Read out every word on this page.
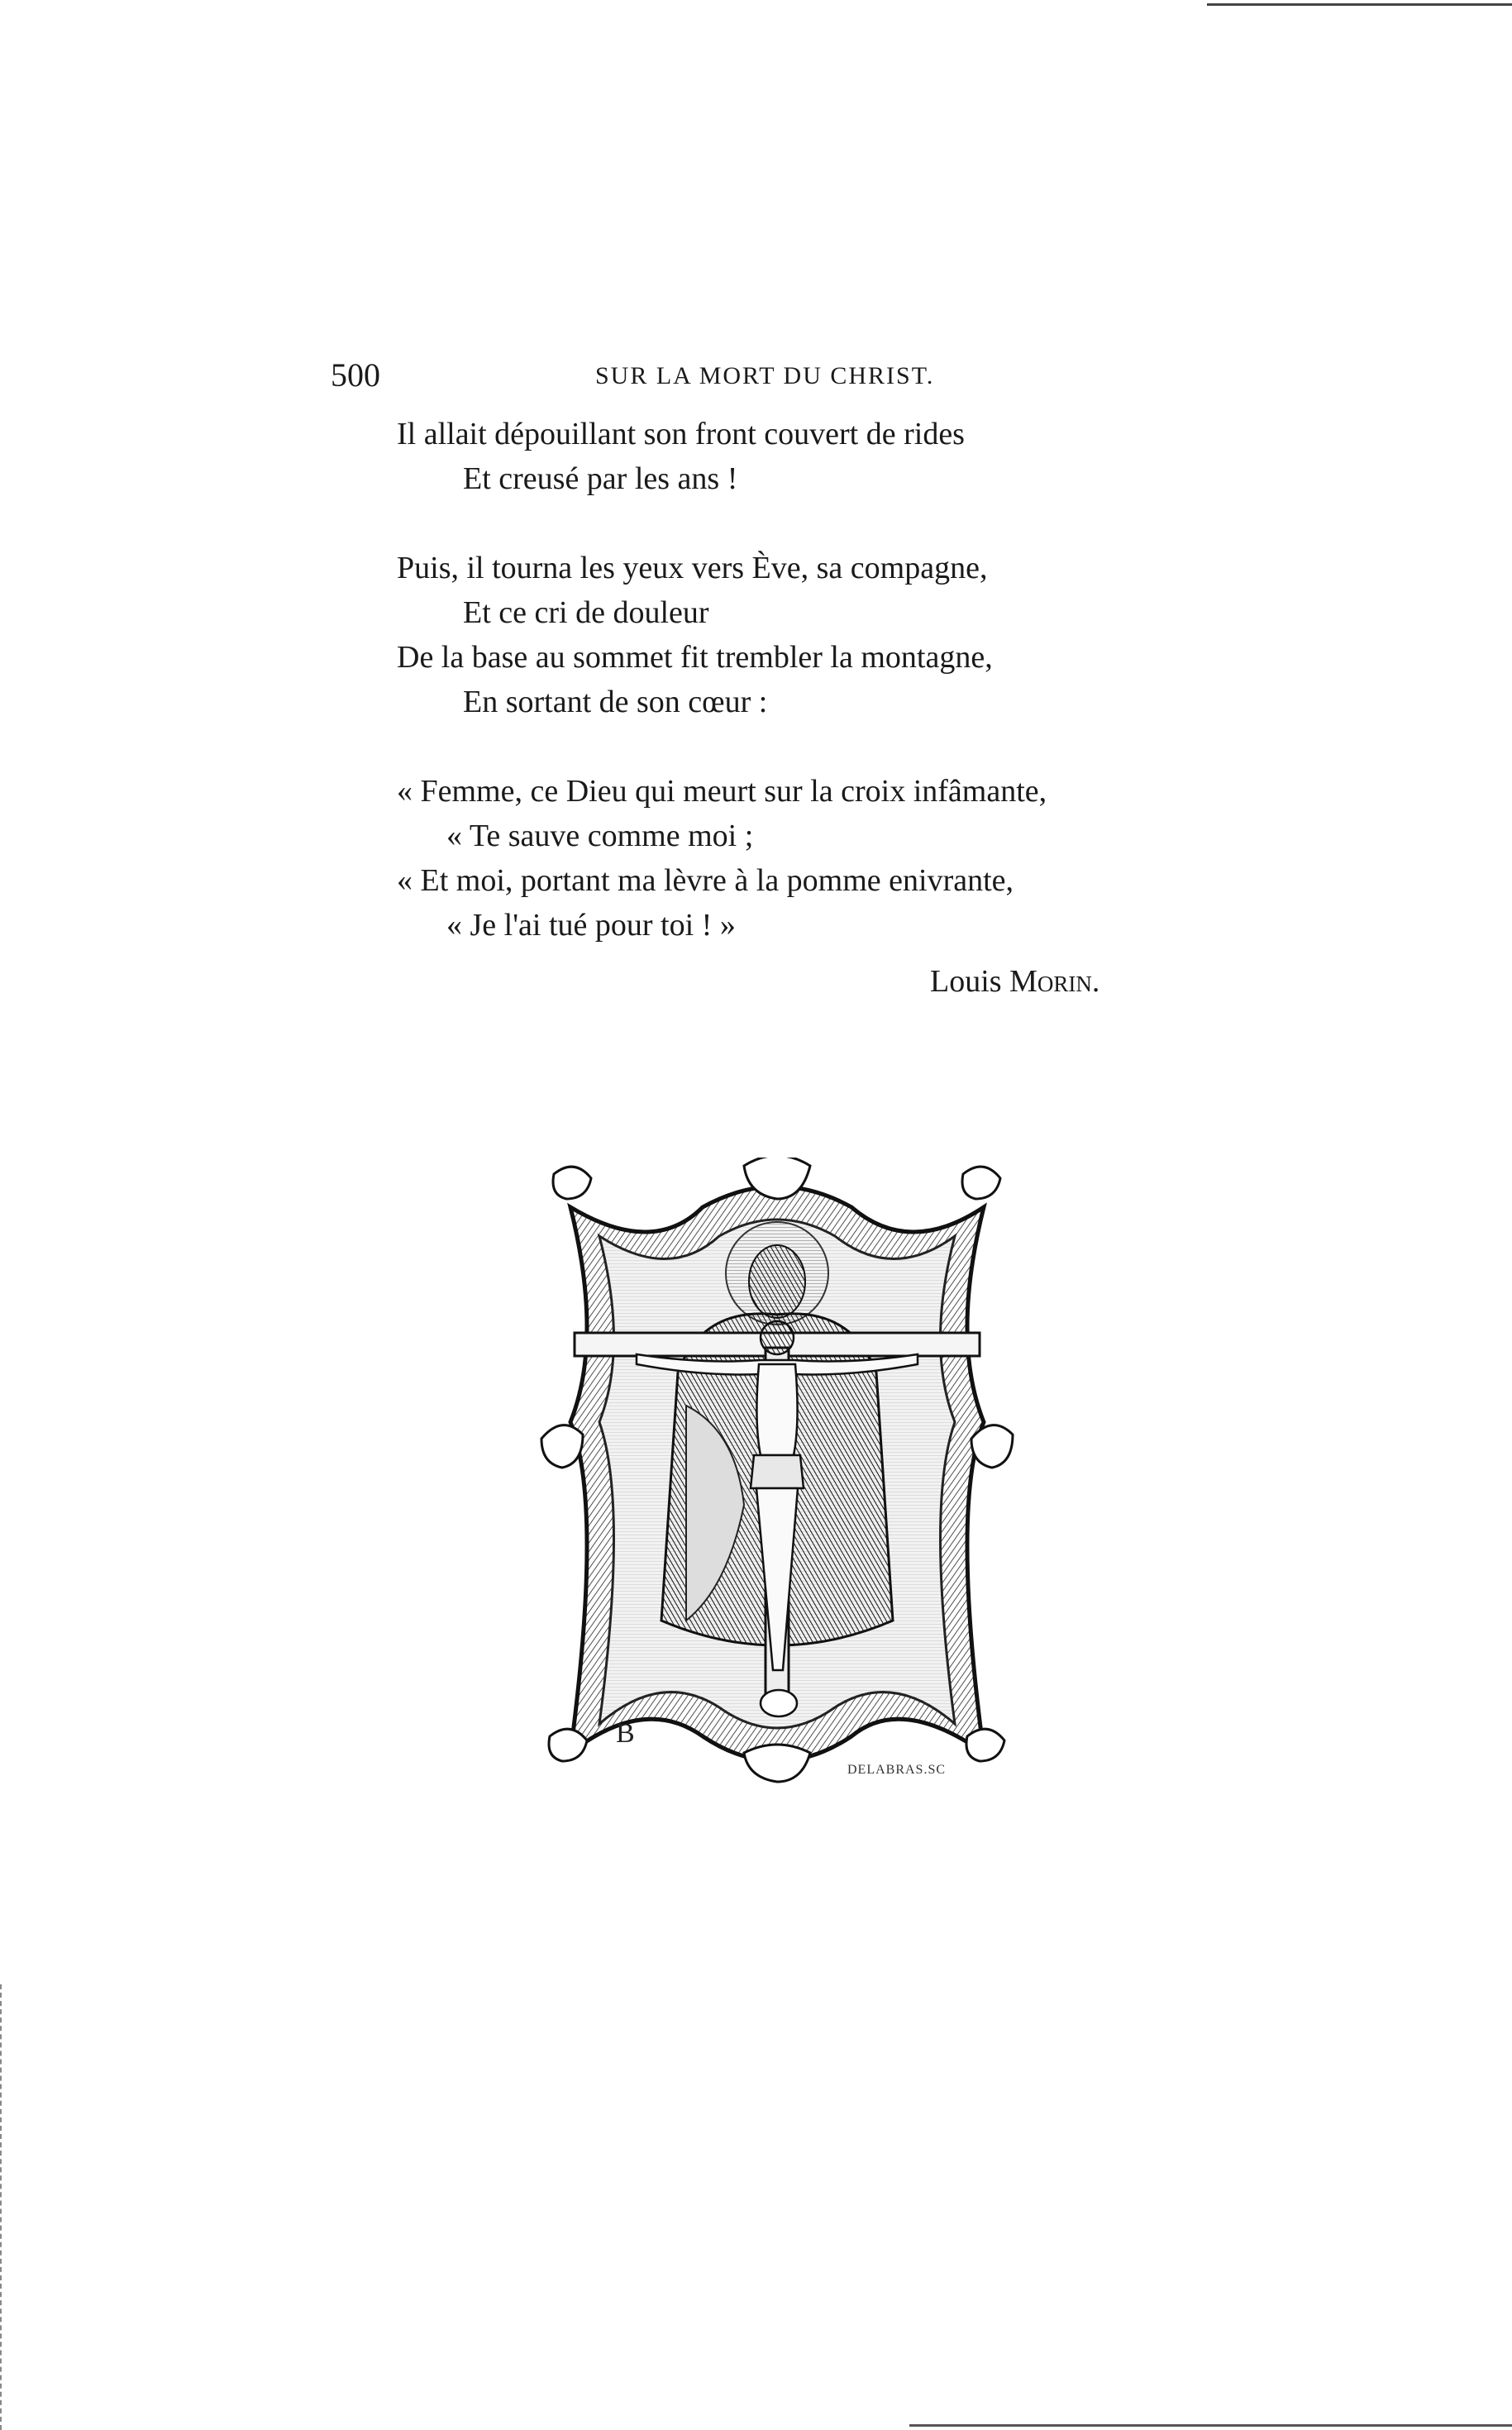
500	SUR LA MORT DU CHRIST.
Il allait dépouillant son front couvert de rides
Et creusé par les ans !
Puis, il tourna les yeux vers Ève, sa compagne,
Et ce cri de douleur
De la base au sommet fit trembler la montagne,
En sortant de son cœur :
« Femme, ce Dieu qui meurt sur la croix infâmante,
« Te sauve comme moi ;
« Et moi, portant ma lèvre à la pomme enivrante,
« Je l'ai tué pour toi ! »
Louis Morin.
B
DELABRAS.SC
